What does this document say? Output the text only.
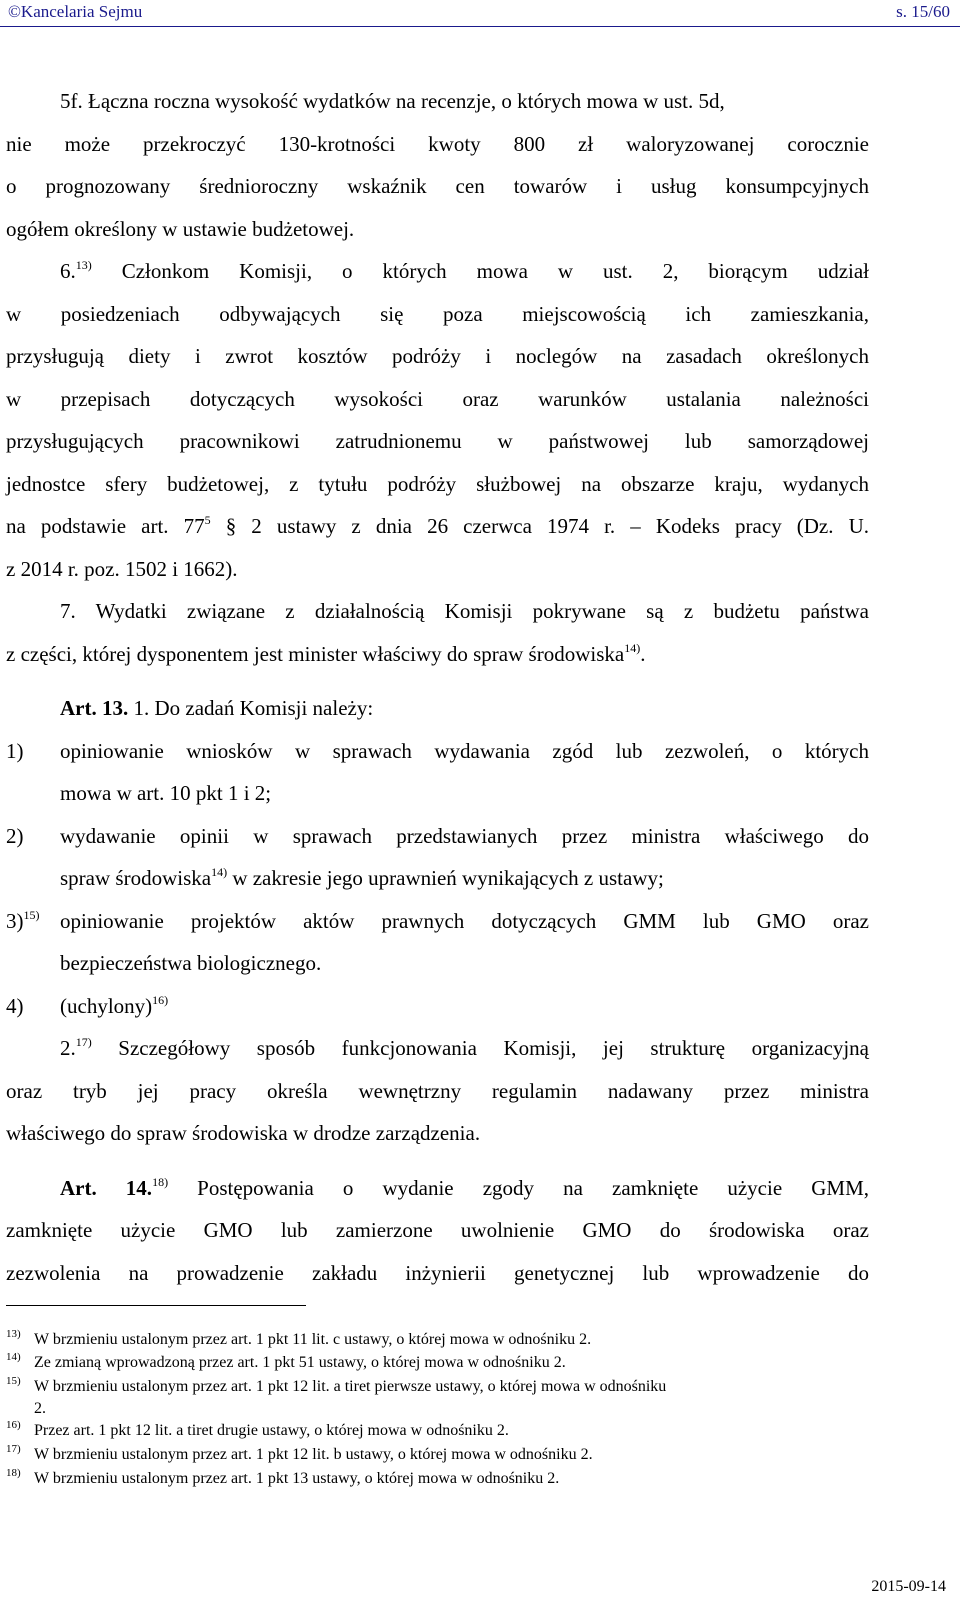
©Kancelaria Sejmu	s. 15/60
5f. Łączna roczna wysokość wydatków na recenzje, o których mowa w ust. 5d,
nie może przekroczyć 130-krotności kwoty 800 zł waloryzowanej corocznie
o prognozowany średnioroczny wskaźnik cen towarów i usług konsumpcyjnych
ogółem określony w ustawie budżetowej.
6.$^{13)}$ Członkom Komisji, o których mowa w ust. 2, biorącym udział
w posiedzeniach odbywających się poza miejscowością ich zamieszkania,
przysługują diety i zwrot kosztów podróży i noclegów na zasadach określonych
w przepisach dotyczących wysokości oraz warunków ustalania należności
przysługujących pracownikowi zatrudnionemu w państwowej lub samorządowej
jednostce sfery budżetowej, z tytułu podróży służbowej na obszarze kraju, wydanych
na podstawie art. $77^5$ § 2 ustawy z dnia 26 czerwca 1974 r. – Kodeks pracy (Dz. U.
z 2014 r. poz. 1502 i 1662).
7. Wydatki związane z działalnością Komisji pokrywane są z budżetu państwa
z części, której dysponentem jest minister właściwy do spraw środowiska$^{14)}$.
Art. 13. 1. Do zadań Komisji należy:
1) opiniowanie wniosków w sprawach wydawania zgód lub zezwoleń, o których
mowa w art. 10 pkt 1 i 2;
2) wydawanie opinii w sprawach przedstawianych przez ministra właściwego do
spraw środowiska$^{14)}$ w zakresie jego uprawnień wynikających z ustawy;
3)$^{15)}$ opiniowanie projektów aktów prawnych dotyczących GMM lub GMO oraz
bezpieczeństwa biologicznego.
4) (uchylony)$^{16)}$
2.$^{17)}$ Szczegółowy sposób funkcjonowania Komisji, jej strukturę organizacyjną
oraz tryb jej pracy określa wewnętrzny regulamin nadawany przez ministra
właściwego do spraw środowiska w drodze zarządzenia.
Art. 14.$^{18)}$ Postępowania o wydanie zgody na zamknięte użycie GMM,
zamknięte użycie GMO lub zamierzone uwolnienie GMO do środowiska oraz
zezwolenia na prowadzenie zakładu inżynierii genetycznej lub wprowadzenie do
13) W brzmieniu ustalonym przez art. 1 pkt 11 lit. c ustawy, o której mowa w odnośniku 2.
14) Ze zmianą wprowadzoną przez art. 1 pkt 51 ustawy, o której mowa w odnośniku 2.
15) W brzmieniu ustalonym przez art. 1 pkt 12 lit. a tiret pierwsze ustawy, o której mowa w odnośniku
2.
16) Przez art. 1 pkt 12 lit. a tiret drugie ustawy, o której mowa w odnośniku 2.
17) W brzmieniu ustalonym przez art. 1 pkt 12 lit. b ustawy, o której mowa w odnośniku 2.
18) W brzmieniu ustalonym przez art. 1 pkt 13 ustawy, o której mowa w odnośniku 2.
2015-09-14
